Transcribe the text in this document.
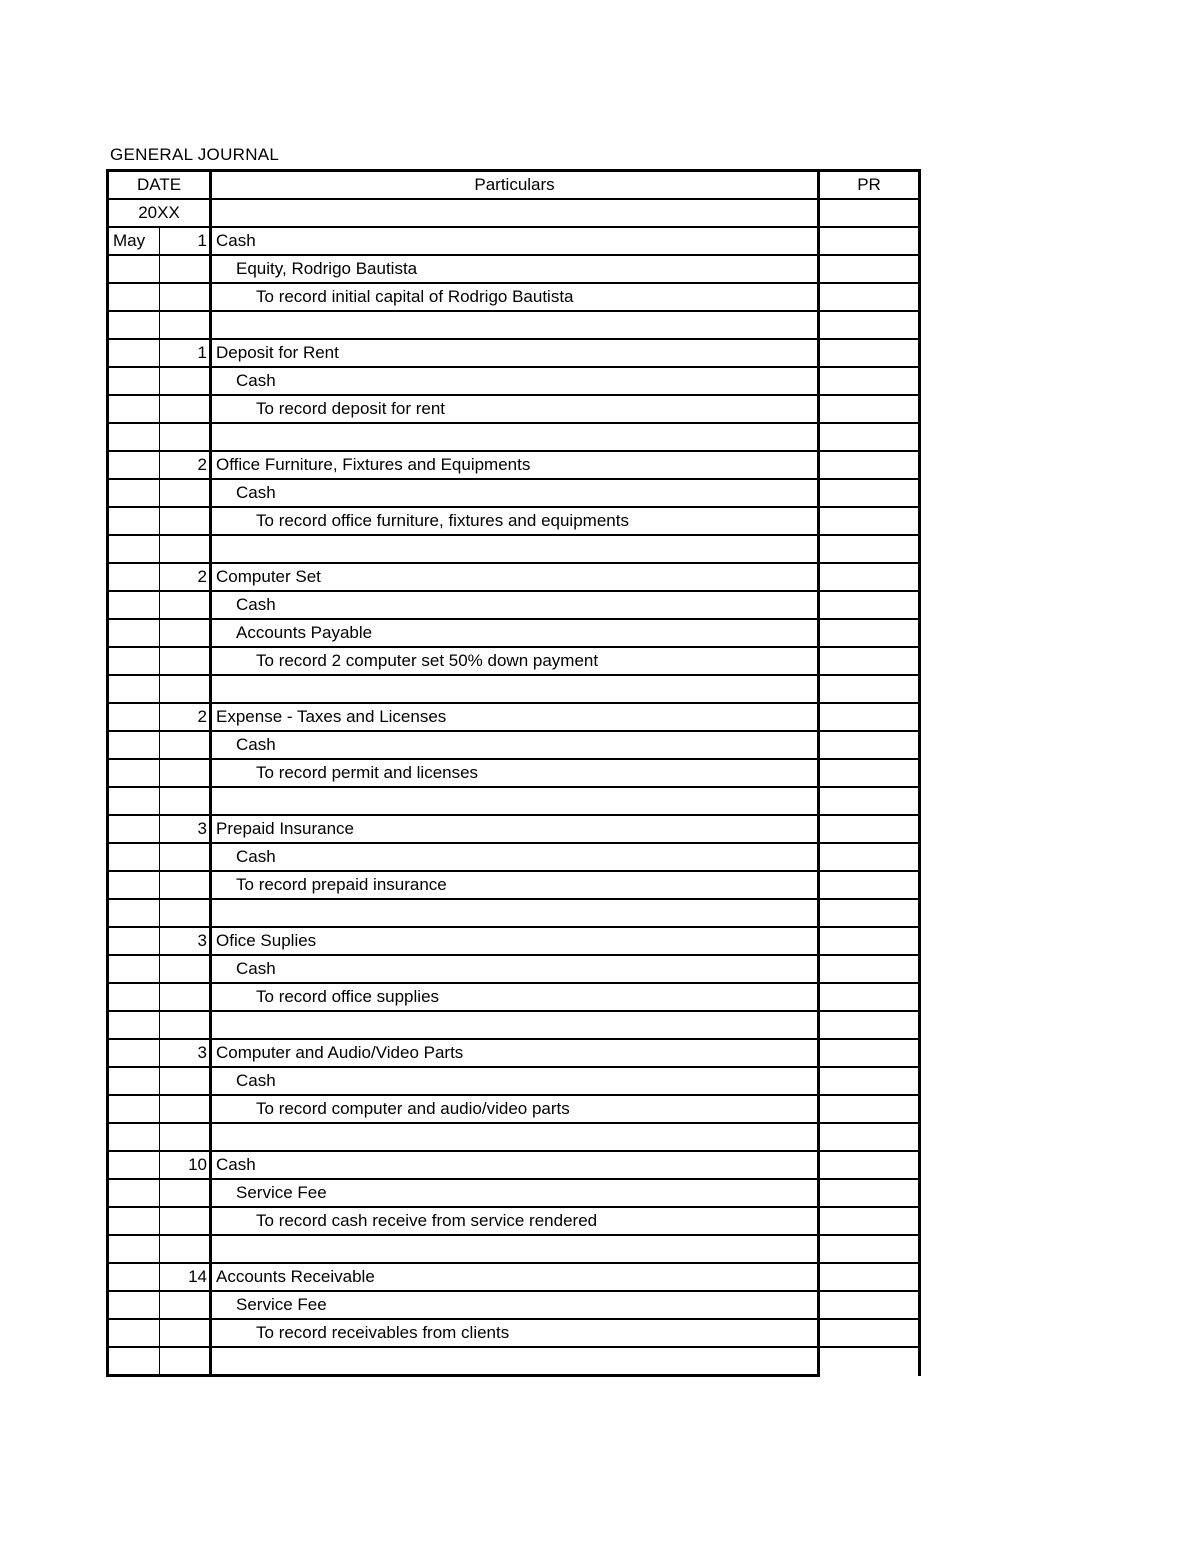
GENERAL JOURNAL
DATE		Particulars	PR
20XX			
May	1	Cash	
		Equity, Rodrigo Bautista	
		To record initial capital of Rodrigo Bautista	

	1	Deposit for Rent	
		Cash	
		To record deposit for rent	

	2	Office Furniture, Fixtures and Equipments	
		Cash	
		To record office furniture, fixtures and equipments	

	2	Computer Set	
		Cash	
		Accounts Payable	
		To record 2 computer set 50% down payment	

	2	Expense - Taxes and Licenses	
		Cash	
		To record permit and licenses	

	3	Prepaid Insurance	
		Cash	
		To record prepaid insurance	

	3	Ofice Suplies	
		Cash	
		To record office supplies	

	3	Computer and Audio/Video Parts	
		Cash	
		To record computer and audio/video parts	

	10	Cash	
		Service Fee	
		To record cash receive from service rendered	

	14	Accounts Receivable	
		Service Fee	
		To record receivables from clients	
